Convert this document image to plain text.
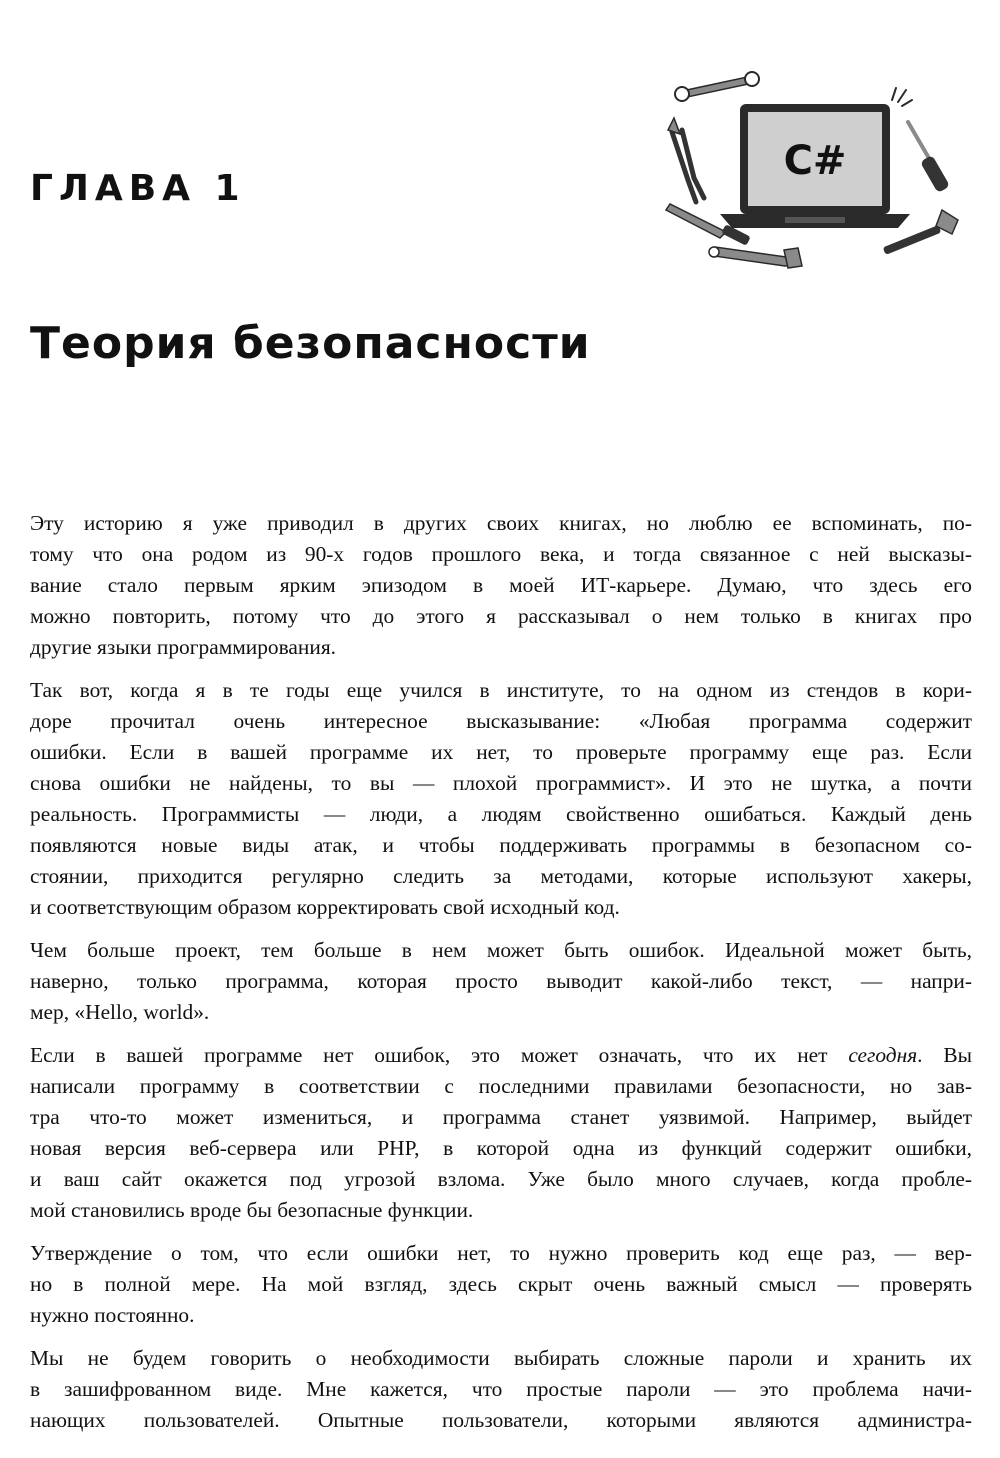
ГЛАВА 1
C#
Теория безопасности

Эту историю я уже приводил в других своих книгах, но люблю ее вспоминать, по-
тому что она родом из 90-х годов прошлого века, и тогда связанное с ней высказы-
вание стало первым ярким эпизодом в моей ИТ-карьере. Думаю, что здесь его
можно повторить, потому что до этого я рассказывал о нем только в книгах про
другие языки программирования.

Так вот, когда я в те годы еще учился в институте, то на одном из стендов в кори-
доре прочитал очень интересное высказывание: «Любая программа содержит
ошибки. Если в вашей программе их нет, то проверьте программу еще раз. Если
снова ошибки не найдены, то вы — плохой программист». И это не шутка, а почти
реальность. Программисты — люди, а людям свойственно ошибаться. Каждый день
появляются новые виды атак, и чтобы поддерживать программы в безопасном со-
стоянии, приходится регулярно следить за методами, которые используют хакеры,
и соответствующим образом корректировать свой исходный код.

Чем больше проект, тем больше в нем может быть ошибок. Идеальной может быть,
наверно, только программа, которая просто выводит какой-либо текст, — напри-
мер, «Hello, world».

Если в вашей программе нет ошибок, это может означать, что их нет сегодня. Вы
написали программу в соответствии с последними правилами безопасности, но зав-
тра что-то может измениться, и программа станет уязвимой. Например, выйдет
новая версия веб-сервера или PHP, в которой одна из функций содержит ошибки,
и ваш сайт окажется под угрозой взлома. Уже было много случаев, когда пробле-
мой становились вроде бы безопасные функции.

Утверждение о том, что если ошибки нет, то нужно проверить код еще раз, — вер-
но в полной мере. На мой взгляд, здесь скрыт очень важный смысл — проверять
нужно постоянно.

Мы не будем говорить о необходимости выбирать сложные пароли и хранить их
в зашифрованном виде. Мне кажется, что простые пароли — это проблема начи-
нающих пользователей. Опытные пользователи, которыми являются администра-
